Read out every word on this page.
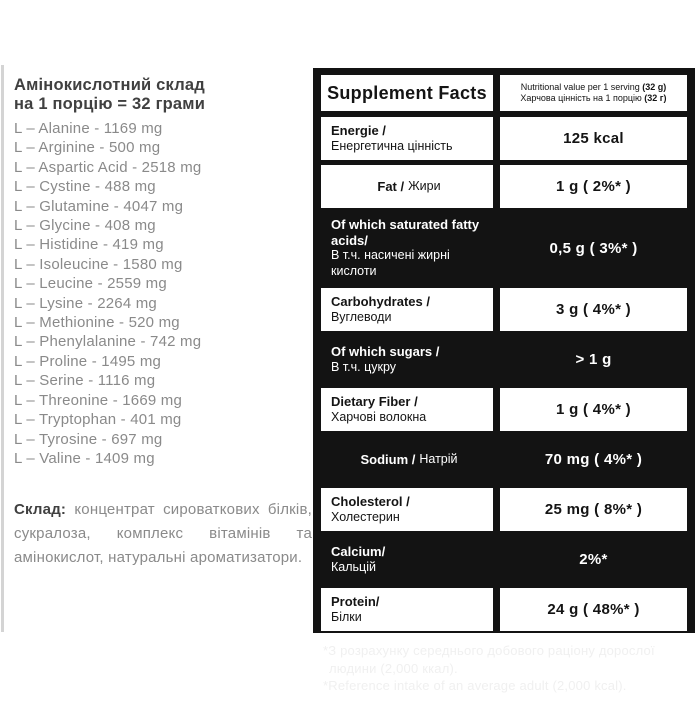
Амінокислотний склад
на 1 порцію = 32 грами
L – Alanine - 1169 mg
L – Arginine - 500 mg
L – Aspartic Acid - 2518 mg
L – Cystine - 488 mg
L – Glutamine - 4047 mg
L – Glycine - 408 mg
L – Histidine - 419 mg
L – Isoleucine - 1580 mg
L – Leucine - 2559 mg
L – Lysine - 2264 mg
L – Methionine - 520 mg
L – Phenylalanine - 742 mg
L – Proline - 1495 mg
L – Serine - 1116 mg
L – Threonine - 1669 mg
L – Tryptophan - 401 mg
L – Tyrosine - 697 mg
L – Valine - 1409 mg

Склад: концентрат сироваткових білків, сукралоза, комплекс вітамінів та амінокислот, натуральні ароматизатори.

Supplement Facts	Nutritional value per 1 serving (32 g)
Харчова цінність на 1 порцію (32 г)
Energie /
Енергетична цінність	125 kcal
Fat / Жири	1 g ( 2%* )
Of which saturated fatty acids/
В т.ч. насичені жирні кислоти
0,5 g ( 3%* )
Carbohydrates /
Вуглеводи	3 g ( 4%* )
Of which sugars /
В т.ч. цукру	> 1 g
Dietary Fiber /
Харчові волокна	1 g ( 4%* )
Sodium / Натрій	70 mg ( 4%* )
Cholesterol /
Холестерин	25 mg ( 8%* )
Calcium/
Кальцій	2%*
Protein/
Білки	24 g ( 48%* )

*З розрахунку середнього добового раціону дорослої людини (2,000 ккал).

*Reference intake of an average adult (2,000 kcal).
